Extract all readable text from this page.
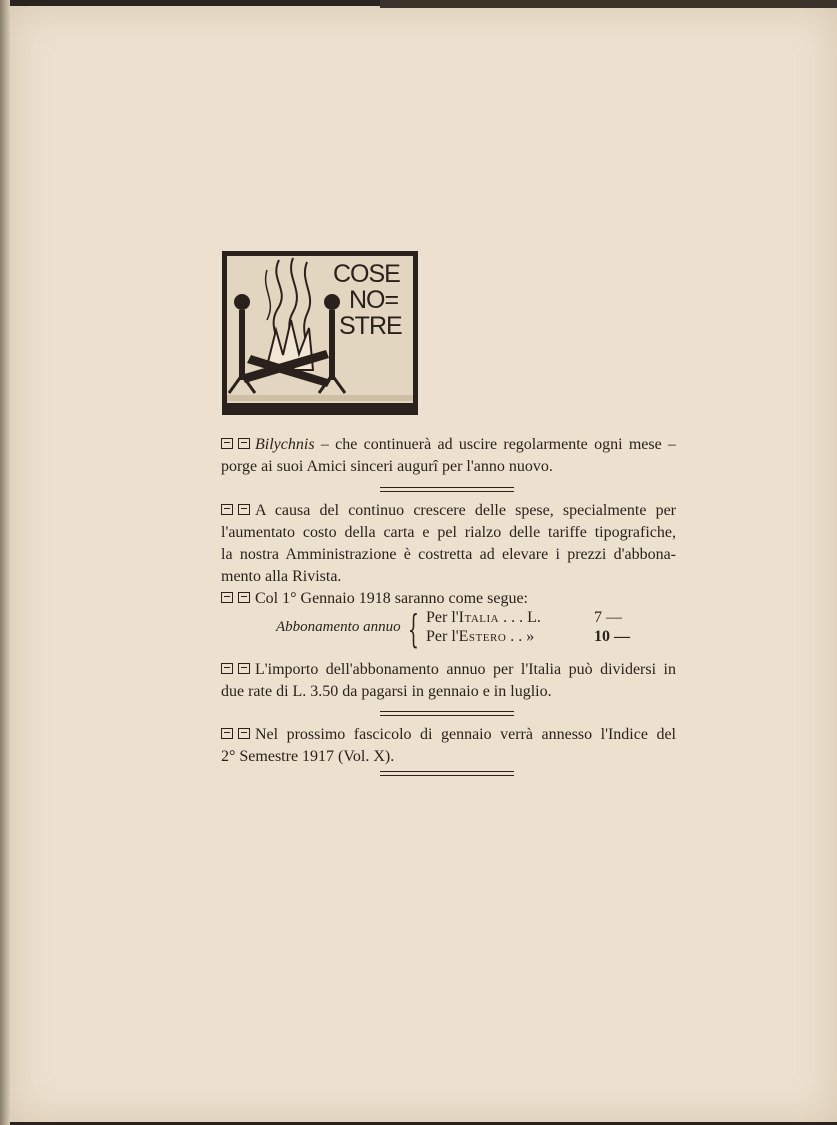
COSE
NO=
STRE
Bilychnis – che continuerà ad uscire regolarmente ogni mese –
porge ai suoi Amici sinceri augurî per l'anno nuovo.
A causa del continuo crescere delle spese, specialmente per
l'aumentato costo della carta e pel rialzo delle tariffe tipografiche,
la nostra Amministrazione è costretta ad elevare i prezzi d'abbona-
mento alla Rivista.
Col 1° Gennaio 1918 saranno come segue:
Abbonamento annuo { Per l'Italia . . . L.	7 —
Per l'Estero . . »	10 —
L'importo dell'abbonamento annuo per l'Italia può dividersi in
due rate di L. 3.50 da pagarsi in gennaio e in luglio.
Nel prossimo fascicolo di gennaio verrà annesso l'Indice del
2° Semestre 1917 (Vol. X).
